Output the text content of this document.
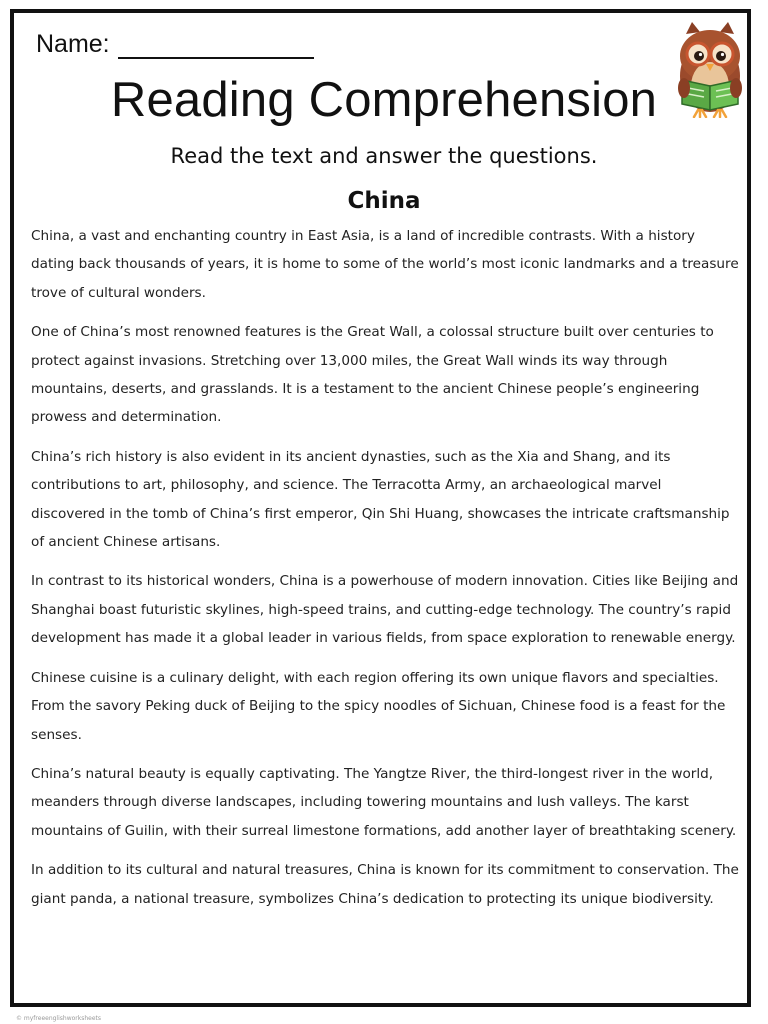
Name:
Reading Comprehension

Read the text and answer the questions.

China

China, a vast and enchanting country in East Asia, is a land of incredible contrasts. With a history dating back thousands of years, it is home to some of the world’s most iconic landmarks and a treasure trove of cultural wonders.

One of China’s most renowned features is the Great Wall, a colossal structure built over centuries to protect against invasions. Stretching over 13,000 miles, the Great Wall winds its way through mountains, deserts, and grasslands. It is a testament to the ancient Chinese people’s engineering prowess and determination.

China’s rich history is also evident in its ancient dynasties, such as the Xia and Shang, and its contributions to art, philosophy, and science. The Terracotta Army, an archaeological marvel discovered in the tomb of China’s first emperor, Qin Shi Huang, showcases the intricate craftsmanship of ancient Chinese artisans.

In contrast to its historical wonders, China is a powerhouse of modern innovation. Cities like Beijing and Shanghai boast futuristic skylines, high-speed trains, and cutting-edge technology. The country’s rapid development has made it a global leader in various fields, from space exploration to renewable energy.

Chinese cuisine is a culinary delight, with each region offering its own unique flavors and specialties. From the savory Peking duck of Beijing to the spicy noodles of Sichuan, Chinese food is a feast for the senses.

China’s natural beauty is equally captivating. The Yangtze River, the third-longest river in the world, meanders through diverse landscapes, including towering mountains and lush valleys. The karst mountains of Guilin, with their surreal limestone formations, add another layer of breathtaking scenery.

In addition to its cultural and natural treasures, China is known for its commitment to conservation. The giant panda, a national treasure, symbolizes China’s dedication to protecting its unique biodiversity.

© myfreeenglishworksheets
